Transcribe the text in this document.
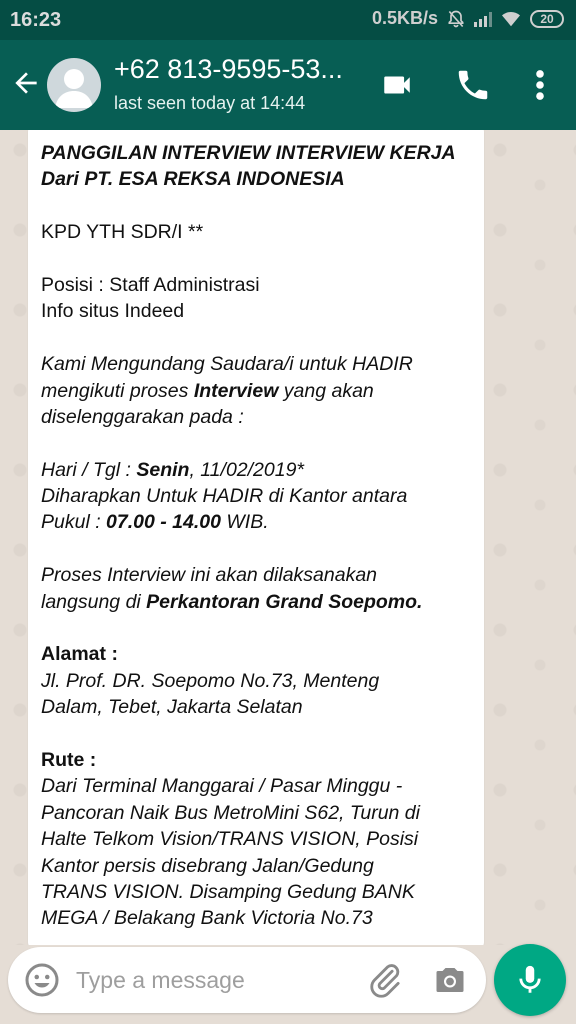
16:23	0.5KB/s	20
+62 813-9595-53...
last seen today at 14:44
PANGGILAN INTERVIEW INTERVIEW KERJA
Dari PT. ESA REKSA INDONESIA
KPD YTH SDR/I **
Posisi : Staff Administrasi
Info situs Indeed
Kami Mengundang Saudara/i untuk HADIR
mengikuti proses Interview yang akan
diselenggarakan pada :
Hari / Tgl : Senin, 11/02/2019*
Diharapkan Untuk HADIR di Kantor antara
Pukul : 07.00 - 14.00 WIB.
Proses Interview ini akan dilaksanakan
langsung di Perkantoran Grand Soepomo.
Alamat :
Jl. Prof. DR. Soepomo No.73, Menteng
Dalam, Tebet, Jakarta Selatan
Rute :
Dari Terminal Manggarai / Pasar Minggu -
Pancoran Naik Bus MetroMini S62, Turun di
Halte Telkom Vision/TRANS VISION, Posisi
Kantor persis disebrang Jalan/Gedung
TRANS VISION. Disamping Gedung BANK
MEGA / Belakang Bank Victoria No.73
Type a message
